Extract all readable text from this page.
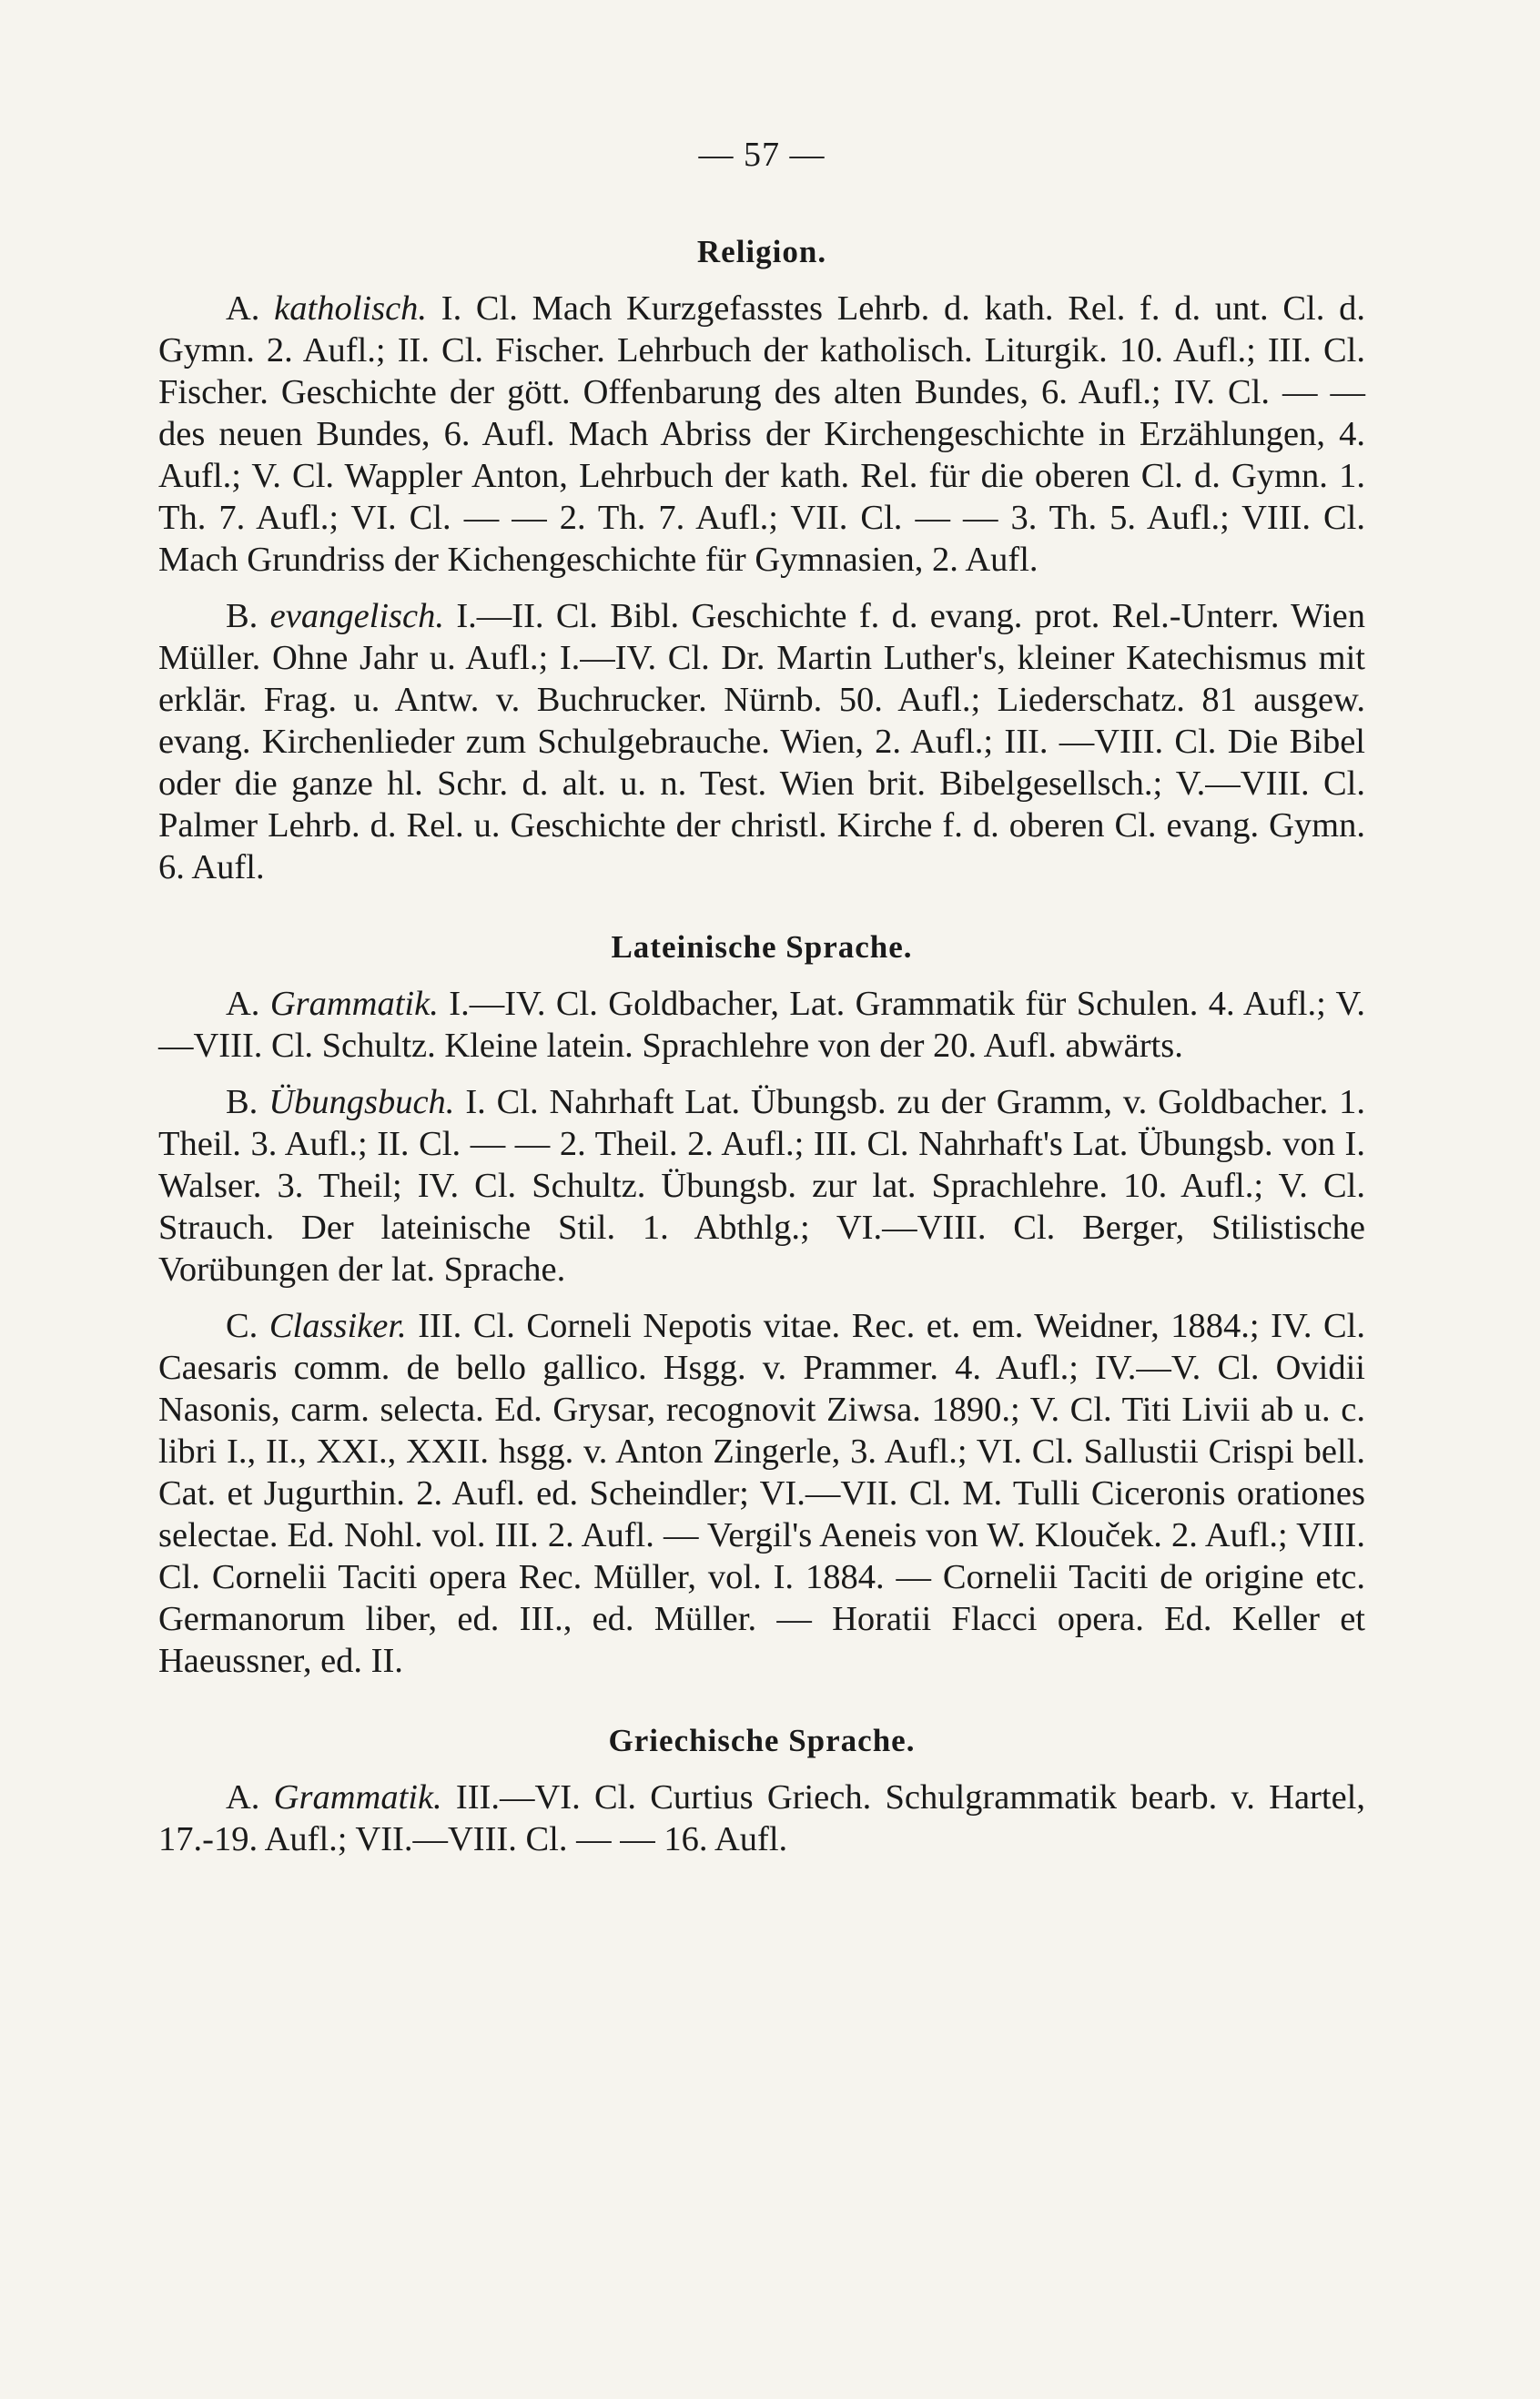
— 57 —
Religion.

A. katholisch. I. Cl. Mach Kurzgefasstes Lehrb. d. kath. Rel. f. d. unt. Cl. d. Gymn. 2. Aufl.; II. Cl. Fischer. Lehrbuch der katholisch. Liturgik. 10. Aufl.; III. Cl. Fischer. Geschichte der gött. Offenbarung des alten Bundes, 6. Aufl.; IV. Cl. — — des neuen Bundes, 6. Aufl. Mach Abriss der Kirchengeschichte in Erzählungen, 4. Aufl.; V. Cl. Wappler Anton, Lehrbuch der kath. Rel. für die oberen Cl. d. Gymn. 1. Th. 7. Aufl.; VI. Cl. — — 2. Th. 7. Aufl.; VII. Cl. — — 3. Th. 5. Aufl.; VIII. Cl. Mach Grundriss der Kichengeschichte für Gymnasien, 2. Aufl.

B. evangelisch. I.—II. Cl. Bibl. Geschichte f. d. evang. prot. Rel.-Unterr. Wien Müller. Ohne Jahr u. Aufl.; I.—IV. Cl. Dr. Martin Luther's, kleiner Katechismus mit erklär. Frag. u. Antw. v. Buchrucker. Nürnb. 50. Aufl.; Liederschatz. 81 ausgew. evang. Kirchenlieder zum Schulgebrauche. Wien, 2. Aufl.; III. —VIII. Cl. Die Bibel oder die ganze hl. Schr. d. alt. u. n. Test. Wien brit. Bibelgesellsch.; V.—VIII. Cl. Palmer Lehrb. d. Rel. u. Geschichte der christl. Kirche f. d. oberen Cl. evang. Gymn. 6. Aufl.

Lateinische Sprache.

A. Grammatik. I.—IV. Cl. Goldbacher, Lat. Grammatik für Schulen. 4. Aufl.; V.—VIII. Cl. Schultz. Kleine latein. Sprachlehre von der 20. Aufl. abwärts.

B. Übungsbuch. I. Cl. Nahrhaft Lat. Übungsb. zu der Gramm, v. Goldbacher. 1. Theil. 3. Aufl.; II. Cl. — — 2. Theil. 2. Aufl.; III. Cl. Nahrhaft's Lat. Übungsb. von I. Walser. 3. Theil; IV. Cl. Schultz. Übungsb. zur lat. Sprachlehre. 10. Aufl.; V. Cl. Strauch. Der lateinische Stil. 1. Abthlg.; VI.—VIII. Cl. Berger, Stilistische Vorübungen der lat. Sprache.

C. Classiker. III. Cl. Corneli Nepotis vitae. Rec. et. em. Weidner, 1884.; IV. Cl. Caesaris comm. de bello gallico. Hsgg. v. Prammer. 4. Aufl.; IV.—V. Cl. Ovidii Nasonis, carm. selecta. Ed. Grysar, recognovit Ziwsa. 1890.; V. Cl. Titi Livii ab u. c. libri I., II., XXI., XXII. hsgg. v. Anton Zingerle, 3. Aufl.; VI. Cl. Sallustii Crispi bell. Cat. et Jugurthin. 2. Aufl. ed. Scheindler; VI.—VII. Cl. M. Tulli Ciceronis orationes selectae. Ed. Nohl. vol. III. 2. Aufl. — Vergil's Aeneis von W. Klouček. 2. Aufl.; VIII. Cl. Cornelii Taciti opera Rec. Müller, vol. I. 1884. — Cornelii Taciti de origine etc. Germanorum liber, ed. III., ed. Müller. — Horatii Flacci opera. Ed. Keller et Haeussner, ed. II.

Griechische Sprache.

A. Grammatik. III.—VI. Cl. Curtius Griech. Schulgrammatik bearb. v. Hartel, 17.-19. Aufl.; VII.—VIII. Cl. — — 16. Aufl.
